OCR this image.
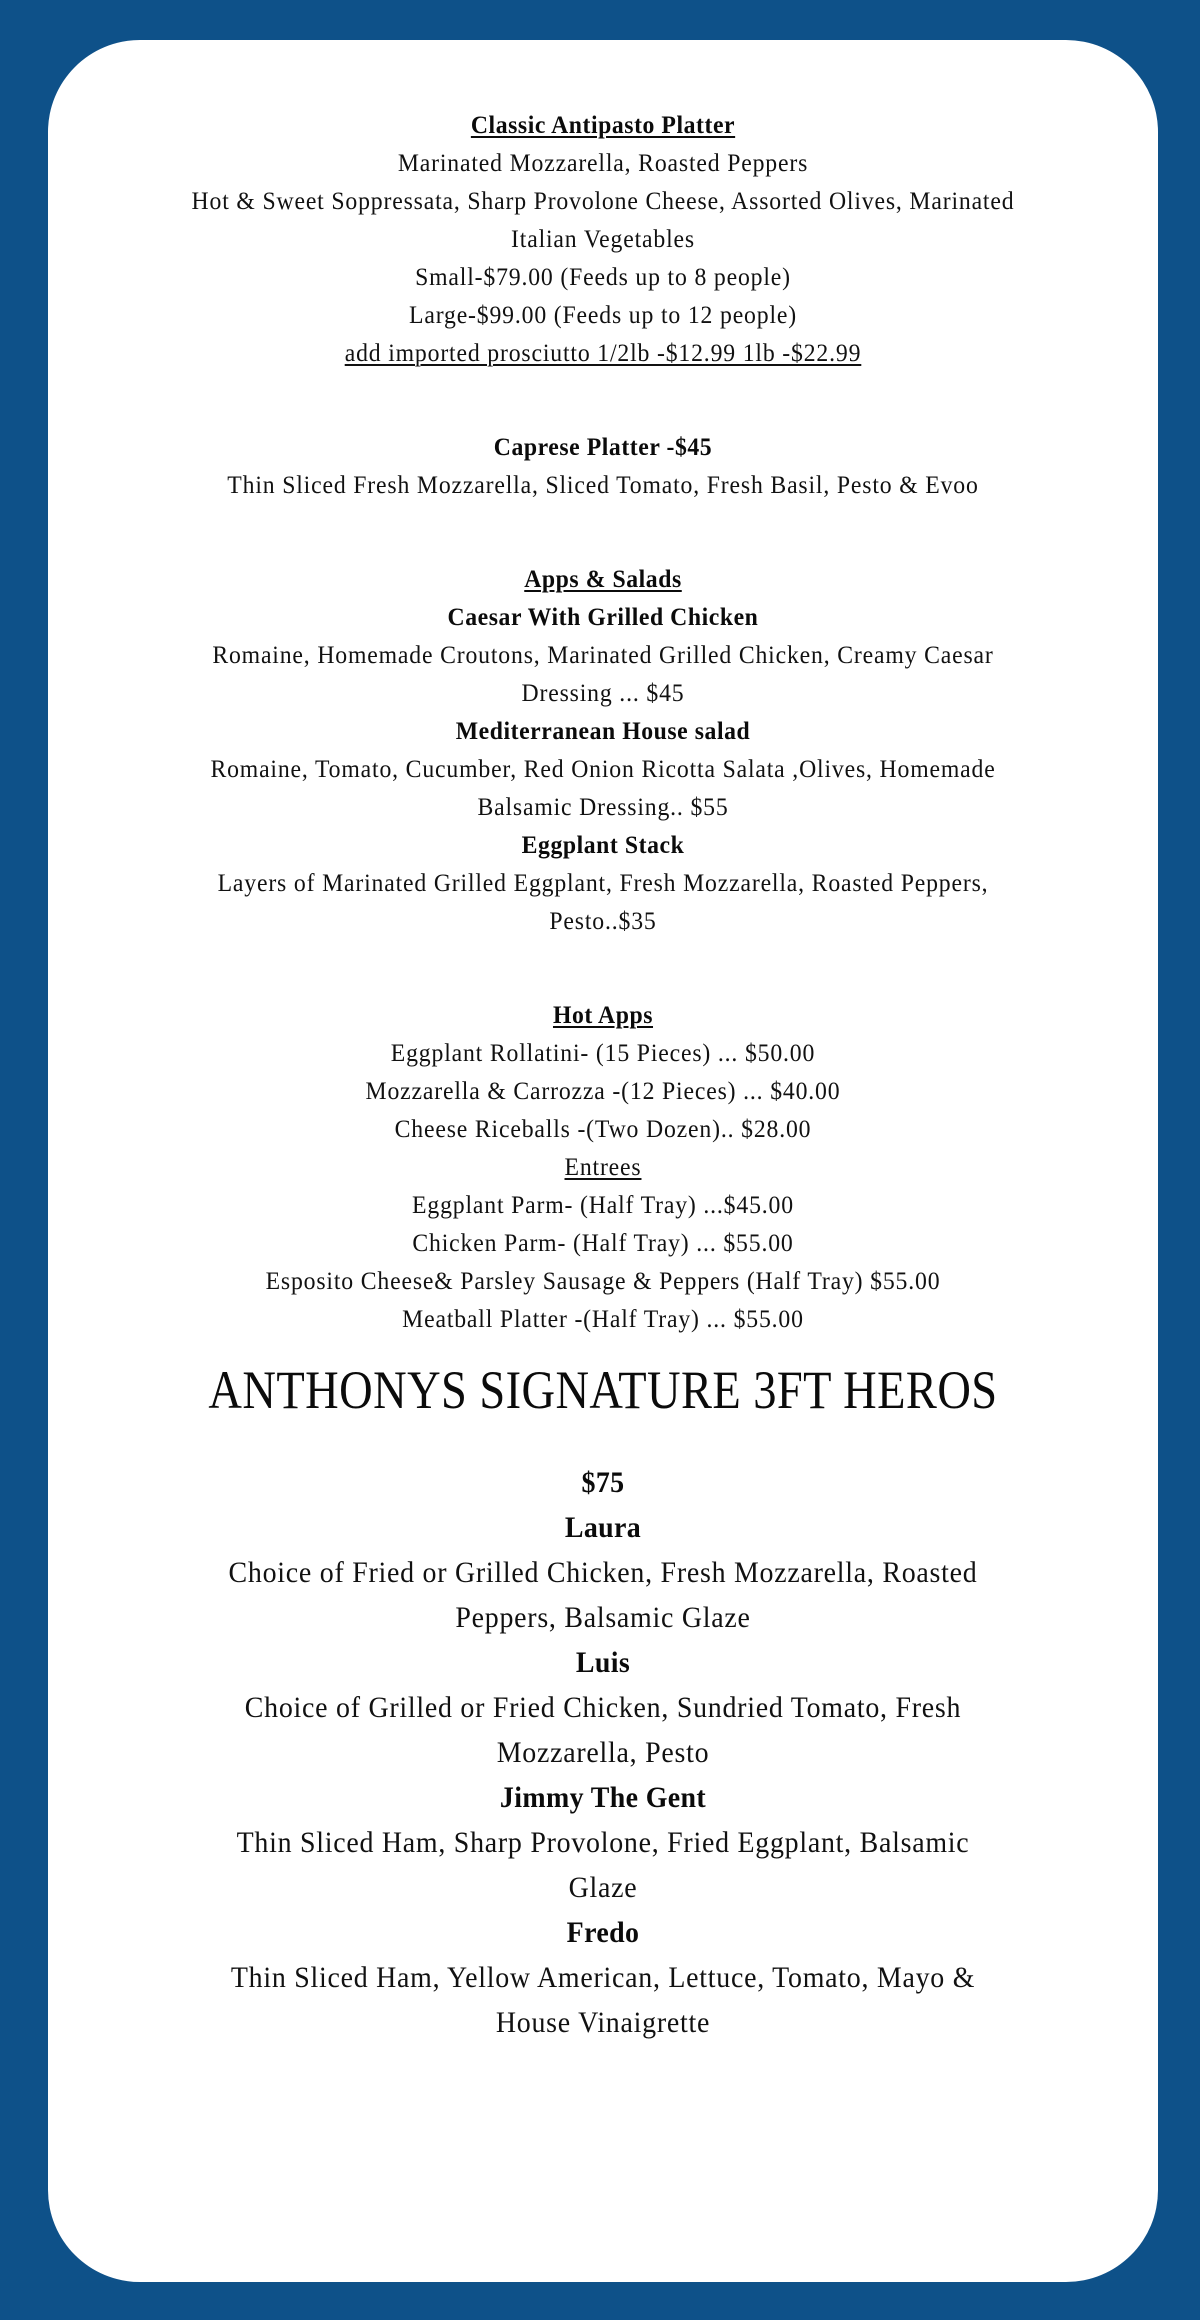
Classic Antipasto Platter
Marinated Mozzarella, Roasted Peppers
Hot & Sweet Soppressata, Sharp Provolone Cheese, Assorted Olives, Marinated
Italian Vegetables
Small-$79.00 (Feeds up to 8 people)
Large-$99.00 (Feeds up to 12 people)
add imported prosciutto 1/2lb -$12.99 1lb -$22.99
Caprese Platter -$45
Thin Sliced Fresh Mozzarella, Sliced Tomato, Fresh Basil, Pesto & Evoo
Apps & Salads
Caesar With Grilled Chicken
Romaine, Homemade Croutons, Marinated Grilled Chicken, Creamy Caesar
Dressing ... $45
Mediterranean House salad
Romaine, Tomato, Cucumber, Red Onion Ricotta Salata ,Olives, Homemade
Balsamic Dressing.. $55
Eggplant Stack
Layers of Marinated Grilled Eggplant, Fresh Mozzarella, Roasted Peppers,
Pesto..$35
Hot Apps
Eggplant Rollatini- (15 Pieces) ... $50.00
Mozzarella & Carrozza -(12 Pieces) ... $40.00
Cheese Riceballs -(Two Dozen).. $28.00
Entrees
Eggplant Parm- (Half Tray) ...$45.00
Chicken Parm- (Half Tray) ... $55.00
Esposito Cheese& Parsley Sausage & Peppers (Half Tray) $55.00
Meatball Platter -(Half Tray) ... $55.00
ANTHONYS SIGNATURE 3FT HEROS
$75
Laura
Choice of Fried or Grilled Chicken, Fresh Mozzarella, Roasted
Peppers, Balsamic Glaze
Luis
Choice of Grilled or Fried Chicken, Sundried Tomato, Fresh
Mozzarella, Pesto
Jimmy The Gent
Thin Sliced Ham, Sharp Provolone, Fried Eggplant, Balsamic
Glaze
Fredo
Thin Sliced Ham, Yellow American, Lettuce, Tomato, Mayo &
House Vinaigrette
